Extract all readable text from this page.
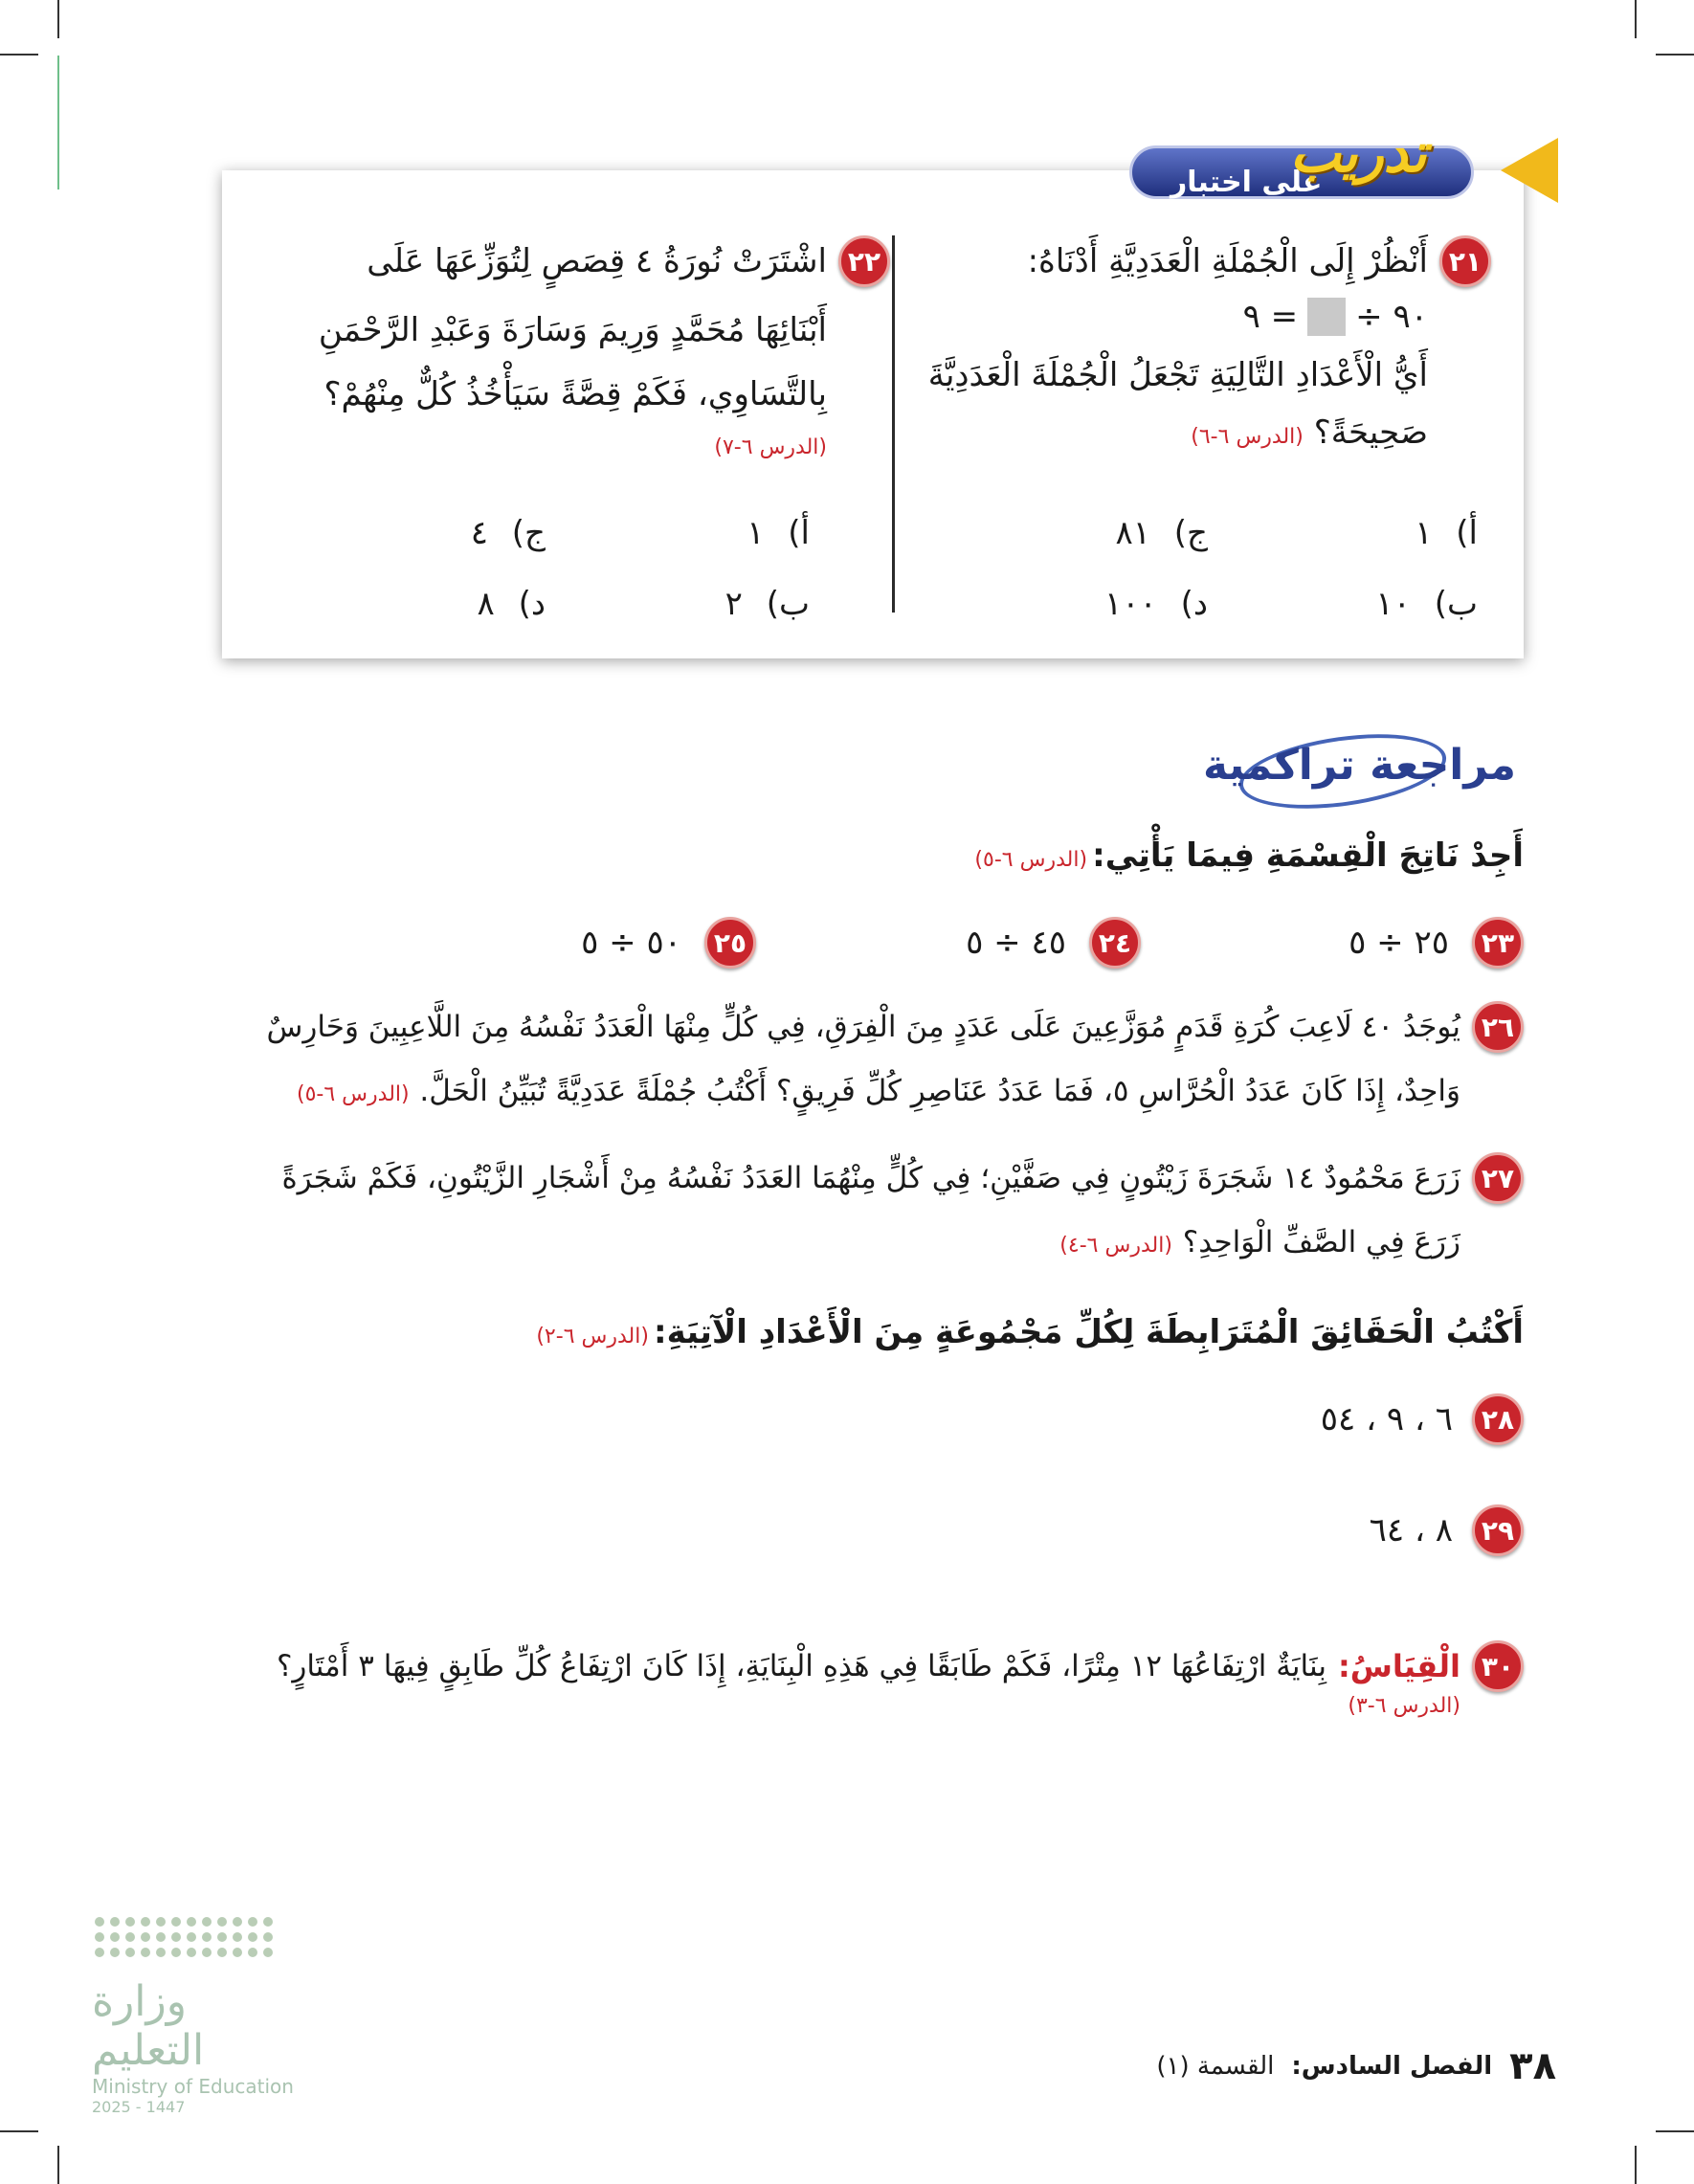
على اختبار
تدريب
٢١
أَنْظُرْ إِلَى الْجُمْلَةِ الْعَدَدِيَّةِ أَدْنَاهُ:
٩٠ ÷
= ٩
أَيُّ الْأَعْدَادِ التَّالِيَةِ تَجْعَلُ الْجُمْلَةَ الْعَدَدِيَّةَ
صَحِيحَةً؟ (الدرس ٦-٦)
أ) ١
ج) ٨١
ب) ١٠
د) ١٠٠
٢٢
اشْتَرَتْ نُورَةُ ٤ قِصَصٍ لِتُوَزِّعَهَا عَلَى
أَبْنَائِهَا مُحَمَّدٍ وَرِيمَ وَسَارَةَ وَعَبْدِ الرَّحْمَنِ
بِالتَّسَاوِي، فَكَمْ قِصَّةً سَيَأْخُذُ كُلٌّ مِنْهُمْ؟
(الدرس ٦-٧)
أ) ١
ج) ٤
ب) ٢
د) ٨
مراجعة تراكمية
أَجِدْ نَاتِجَ الْقِسْمَةِ فِيمَا يَأْتِي: (الدرس ٦-٥)
٢٣
٢٥ ÷ ٥
٢٤
٤٥ ÷ ٥
٢٥
٥٠ ÷ ٥
٢٦
يُوجَدُ ٤٠ لَاعِبَ كُرَةِ قَدَمٍ مُوَزَّعِينَ عَلَى عَدَدٍ مِنَ الْفِرَقِ، فِي كُلٍّ مِنْهَا الْعَدَدُ نَفْسُهُ مِنَ اللَّاعِبِينَ وَحَارِسٌ
وَاحِدٌ، إِذَا كَانَ عَدَدُ الْحُرَّاسِ ٥، فَمَا عَدَدُ عَنَاصِرِ كُلِّ فَرِيقٍ؟ أَكْتُبُ جُمْلَةً عَدَدِيَّةً تُبَيِّنُ الْحَلَّ. (الدرس ٦-٥)
٢٧
زَرَعَ مَحْمُودٌ ١٤ شَجَرَةَ زَيْتُونٍ فِي صَفَّيْنِ؛ فِي كُلٍّ مِنْهُمَا العَدَدُ نَفْسُهُ مِنْ أَشْجَارِ الزَّيْتُونِ، فَكَمْ شَجَرَةً
زَرَعَ فِي الصَّفِّ الْوَاحِدِ؟ (الدرس ٦-٤)
أَكْتُبُ الْحَقَائِقَ الْمُتَرَابِطَةَ لِكُلِّ مَجْمُوعَةٍ مِنَ الْأَعْدَادِ الْآتِيَةِ: (الدرس ٦-٢)
٢٨
٦ ، ٩ ، ٥٤
٢٩
٨ ، ٦٤
٣٠
الْقِيَاسُ:
بِنَايَةٌ ارْتِفَاعُهَا ١٢ مِتْرًا، فَكَمْ طَابَقًا فِي هَذِهِ الْبِنَايَةِ، إِذَا كَانَ ارْتِفَاعُ كُلِّ طَابِقٍ فِيهَا ٣ أَمْتَارٍ؟
(الدرس ٦-٣)

وزارة التعليم
Ministry of Education
2025 - 1447
٣٨
الفصل السادس:
القسمة (١)
